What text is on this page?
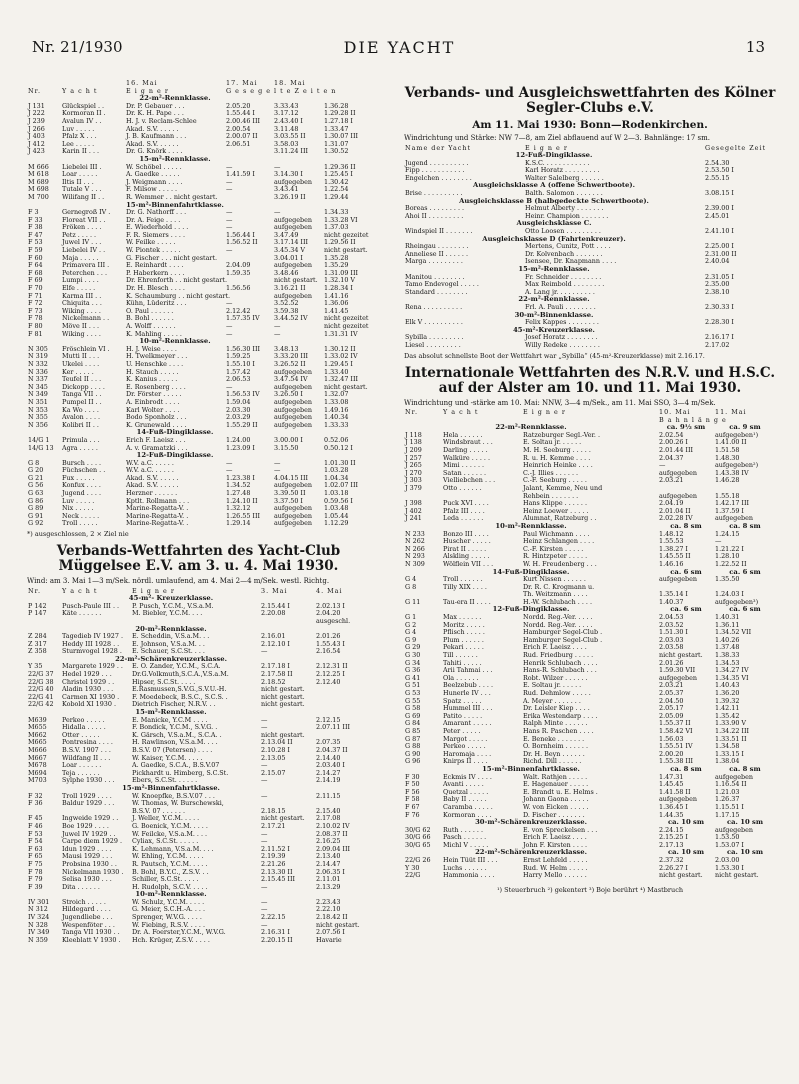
Nr. 21/1930	DIE YACHT	13
		16. Mai	17. Mai	18. Mai	
Nr.	Y a c h t	E i g n e r	G e s e g e l t e Z e i t e n		
22-m²-Rennklasse.					
J 131	Glückspiel . .	Dr. P. Gebauer . . .	2.05.20	3.33.43	1.36.28
J 222	Kormoran II .	Dr. K. H. Pape . . .	1.55.44 I	3.17.12	1.29.28 II
J 239	Avalun IV . .	H. J. v. Reclam-Schlee	2.00.46 III	2.43.40 I	1.27.18 I
J 266	Luv . . . . .	Akad. S.V. . . . . .	2.00.54	3.11.48	1.33.47
J 403	Pfalz X . . .	J. B. Kaufmann . . .	2.00.07 II	3.03.55 II	1.30.07 III
J 412	Lee . . . . .	Akad. S.V. . . . . .	2.06.51	3.58.03	1.31.07
J 423	Karin II . . .	Dr. G. Knörk . . . .		3.11.24 III	1.30.52
15-m²-Rennklasse.					
M 666	Liebelei III .	W. Schöbel . . . . .	—	—	1.29.36 II
M 618	Loar . . . . .	A. Gaedke . . . . .	1.41.59 I	3.14.30 I	1.25.45 I
M 689	Iltis II . . .	J. Weigmann . . . .	—	aufgegeben	1.30.42
M 698	Tutale V . . .	F. Milsow . . . . .	—	3.43.41	1.22.54
M 700	Wilifang II . .	R. Wemmer . . nicht gestart.		3.26.19 II	1.29.44
15-m²-Binnenfahrtklasse.					
F 3	Gernegroß IV .	Dr. G. Nathorff . . .	—	—	1.34.33
F 33	Floreat VII . .	Dr. A. Feige . . . .	—	aufgegeben	1.33.28 VI
F 38	Fröken . . . .	E. Wiederhold . . . .	—	aufgegeben	1.37.03
F 47	Petz . . . . .	F. R. Siemers . . . .	1.56.44 I	3.47.49	nicht gezeitet
F 53	Juwel IV . . .	W. Feilke . . . . .	1.56.52 II	3.17.14 III	1.29.56 II
F 59	Liebelei IV . .	W. Piontek . . . . .	—	3.45.34 V	nicht gestart.
F 60	Maja . . . . .	G. Fischer . . . nicht gestart.		3.04.01 I	1.35.28
F 64	Primavera III .	E. Reinhardt . . . .	2.04.09	aufgegeben	1.35.29
F 68	Peterchen . . .	P. Haberkern . . . .	1.59.35	3.48.46	1.31.09 III
F 69	Lumpi . . . .	Dr. Ehrenforth . . nicht gestart.		nicht gestart.	1.32.10 V
F 70	Elfe . . . . .	Dr. H. Blesch . . . .	1.56.56	3.16.21 II	1.28.34 I
F 71	Karma III . .	K. Schaumburg . . nicht gestart.		aufgegeben	1.41.16
F 72	Chiquita . . .	Kühn, Lüderitz . . .	—	3.52.52	1.36.06
F 73	Wiking . . . .	O. Paul . . . . . .	2.12.42	3.59.38	1.41.45
F 78	Nickelmann . .	B. Bohl . . . . . .	1.57.35 IV	3.44.52 IV	nicht gezeitet
F 80	Möve II . . .	A. Wolff . . . . . .	—	—	nicht gezeitet
F 81	Wiking . . . .	K. Mahling . . . . .	—	—	1.31.31 IV
10-m²-Rennklasse.					
N 305	Fröschlein VI .	H. J. Weise . . . .	1.56.30 III	3.48.13	1.30.12 II
N 319	Mutti II . . .	H. Twelkmeyer . . .	1.59.25	3.33.20 III	1.33.02 IV
N 332	Ukelei . . . .	U. Henschke . . . .	1.55.10 I	3.26.52 II	1.29.45 I
N 336	Ker . . . . .	H. Stauch . . . . .	1.57.42	aufgegeben	1.33.40
N 337	Teufel II . . .	K. Kanius . . . . .	2.06.53	3.47.54 IV	1.32.47 III
N 345	Dickopp . . . .	E. Rosenberg . . . .	—	aufgegeben	nicht gestart.
N 349	Tanga VII . .	Dr. Förster . . . . .	1.56.53 IV	3.26.50 I	1.32.07
N 351	Pumpel II . .	A. Einbrodt . . . .	1.59.04	aufgegeben	1.33.08
N 353	Ka Wo . . . .	Karl Wolter . . . .	2.03.30	aufgegeben	1.49.16
N 355	Avalon . . . .	Bodo Sponholz . . .	2.03.29	aufgegeben	1.40.34
N 356	Kolibri II . .	K. Grunewald . . . .	1.55.29 II	aufgegeben	1.33.33
14-Fuß-Dingiklasse.					
14/G 1	Primula . . .	Erich F. Laeisz . . .	1.24.00	3.00.00 I	0.52.06
14/G 13	Agra . . . . .	A. v. Gramatzki . . .	1.23.09 I	3.15.50	0.50.12 I
12-Fuß-Dingiklasse.					
G 8	Bursch . . . .	W.V. a.C. . . . . .	—	—	1.01.30 II
G 20	Füchschen . .	W.V. a.C. . . . . .	—	—	1.03.28
G 21	Fux . . . . .	Akad. S.V. . . . . .	1.23.38 I	4.04.15 III	1.04.34
G 56	Konfux . . . .	Akad. S.V. . . . . .	1.34.52	aufgegeben	1.02.07 III
G 63	Jugend . . . .	Herzner . . . . . .	1.27.48	3.39.50 II	1.03.18
G 86	Luv . . . . .	Kptlt. Rollmann . . .	1.24.10 II	3.37.50 I	0.59.56 I
G 89	Nix . . . . .	Marine-Regatta-V. .	1.32.12	aufgegeben	1.03.48
G 91	Neck . . . . .	Marine-Regatta-V. .	1.26.55 III	aufgegeben	1.05.44
G 92	Troll . . . . .	Marine-Regatta-V. .	1.29.14	aufgegeben	1.12.29
*) ausgeschlossen, 2 × Ziel nie
Verbands-Wettfahrten des Yacht-Club Müggelsee E.V. am 3. u. 4. Mai 1930.
Wind: am 3. Mai 1—3 m/Sek. nördl. umlaufend, am 4. Mai 2—4 m/Sek. westl. Richtg.
Nr.	Y a c h t	E i g n e r	3. Mai	4. Mai
45-m²- Kreuzerklasse.				
P 142	Pusch-Paule III . .	P. Pusch, Y.C.M., V.S.a.M.	2.15.44 I	2.02.13 I
P 147	Käte . . . . . .	M. Biebler, Y.C.M. . . .	2.20.08	2.04.20
				ausgeschl.
20-m²-Rennklasse.				
Z 284	Tagedieb IV 1927 .	E. Scheddin, V.S.a.M. . .	2.16.01	2.01.26
Z 317	Heddy III 1928 . .	E. Johnson, V.S.a.M. . .	2.12.10 I	1.55.43 I
Z 358	Sturmvogel 1928 .	E. Schauer, S.C.St. . . .	—	2.16.54
22-m²-Schärenkreuzerklasse.				
Y 35	Margarete 1929 . .	E. O. Zander, Y.C.M., S.C.A.	2.17.18 I	2.12.31 II
22/G 37	Hedel 1929 . . .	Dr.G.Volkmuth,S.C.A.,V.S.a.M.	2.17.58 II	2.12.25 I
22/G 38	Christel 1929 . .	Hipser, S.C.St. . . . .	2.18.52	2.12.40
22/G 40	Aladin 1930 . . .	E.Rasmussen,S.V.G.,S.V.U.-H.	nicht gestart.	
22/G 41	Carmen XI 1930 .	F. Moedebeck, B.S.C., S.C.S. .	nicht gestart.	
22/G 42	Kobold XI 1930 .	Dietrich Fischer, N.R.V. . .	nicht gestart.	
15-m²-Rennklasse.				
M639	Perkeo . . . . .	E. Manicke, Y.C.M . . . .	—	2.12.15
M655	Hidalla . . . . .	F. Bondick, Y.C.M., S.V.G. .	—	2.07.11 III
M662	Otter . . . . .	K. Gärsch, V.S.a.M., S.C.A. .	nicht gestart.	
M665	Pontresina . . . .	H. Rawlinson, V.S.a.M. . . .	2.13.04 II	2.07.35
M666	B.S.V. 1907 . . .	B.S.V. 07 (Petersen) . . . .	2.10.28 I	2.04.37 II
M667	Wildfang II . . .	W. Kaiser, Y.C.M. . . . .	2.13.05	2.14.40
M678	Loar . . . . . .	A. Gaedke, S.C.A., B.S.V.07	—	2.03.40 I
M694	Teja . . . . . .	Pickhardt u. Himberg, S.C.St.	2.15.07	2.14.27
M703	Sylphe 1930 . . .	Ebers, S.C.St. . . . . .	—	2.14.19
15-m²-Binnenfahrtklasse.				
F 32	Troll 1929 . . . .	W. Knoepfke, B.S.V.07 . . .	—	2.11.15
F 36	Baldur 1929 . . .	W. Thomas, W. Burschewski,		
		B.S.V. 07 . . . . . .	2.18.15	2.15.40
F 45	Ingweide 1929 . .	J. Weller, Y.C.M. . . . .	nicht gestart.	2.17.08
F 46	Boe 1929 . . . .	G. Boenick, Y.C.M. . . . .	2.17.21	2.10.02 IV
F 53	Juwel IV 1929 . .	W. Feilcke, V.S.a.M. . . .	—	2.08.37 II
F 54	Carpe diem 1929 .	Cyliax, S.C.St. . . . . .	—	2.16.25
F 63	Idun 1929 . . . .	K. Lehmann, V.S.a.M. . . .	2.11.52 I	2.09.04 III
F 65	Mausi 1929 . . .	W. Ehling, Y.C.M. . . . .	2.19.39	2.13.40
F 75	Probsina 1930 . .	R. Pautsch, Y.C.M. . . . .	2.21.26	2.14.47
F 78	Nickelmann 1930 .	B. Bohl, B.Y.C., Z.S.V. . .	2.13.30 II	2.06.35 I
F 79	Selisa 1930 . . .	Schiller, S.C.St. . . . .	2.15.45 III	2.11.01
F 39	Dita . . . . . .	H. Rudolph, S.C.V. . . . .	—	2.13.29
10-m²-Rennklasse.				
IV 301	Stroich . . . . .	W. Schulz, Y.C.M. . . . .	—	2.23.43
N 312	Hildegard . . . .	G. Meier, S.C.H.-A. . . .	—	2.22.10
IV 324	Jugendliebe . . .	Sprenger, W.V.G. . . . .	2.22.15	2.18.42 II
N 328	Wespenföter . . .	W. Fiebing, R.S.V. . . . .	—	nicht gestart.
IV 349	Tanga VII 1930 . .	Dr. A. Foerster,Y.C.M., W.V.G.	2.16.31 I	2.07.56 I
N 359	Kleeblatt V 1930 .	Hch. Krüger, Z.S.V. . . . .	2.20.15 II	Havarie
Verbands- und Ausgleichswettfahrten des Kölner Segler-Clubs e.V.
Am 11. Mai 1930: Bonn—Rodenkirchen.
Windrichtung und Stärke: NW 7—8, am Ziel abflauend auf W 2—3. Bahnlänge: 17 sm.
Name der Yacht	E i g n e r	Gesegelte Zeit
12-Fuß-Dingiklasse.		
Jugend . . . . . . . . . .	K.S.C. . . . . . . . . . . .	2.54.30
Fipp . . . . . . . . . . .	Karl Horatz . . . . . . . . .	2.53.50 I
Engelchen . . . . . . . .	Walter Salelberg . . . . . .	2.55.15
Ausgleichsklasse A (offene Schwertboote).		
Brise . . . . . . . . . .	Balth. Salomon . . . . . . .	3.08.15 I
Ausgleichsklasse B (halbgedeckte Schwertboote).		
Boreas . . . . . . . . .	Helmut Alberty . . . . . . .	2.39.00 I
Ahoi II . . . . . . . . .	Heinr. Champion . . . . . . .	2.45.01
Ausgleichsklasse C.		
Windspiel II . . . . . . .	Otto Loosen . . . . . . . . .	2.41.10 I
Ausgleichsklasse D (Fahrtenkreuzer).		
Rheingau . . . . . . . .	Mertens, Cunitz, Pott . . . .	2.25.00 I
Anneliese II . . . . . .	Dr. Kolvenbach . . . . . . .	2.31.00 II
Marga . . . . . . . . .	Isensee, Dr. Knapmann . . . .	2.40.04
15-m²-Rennklasse.		
Manitou . . . . . . . .	Fr. Schneider . . . . . . . .	2.31.05 I
Tamo Endevogel . . . . .	Max Reimbold . . . . . . . .	2.35.00
Standard . . . . . . . .	A. Lang jr. . . . . . . . . .	2.38.10
22-m²-Rennklasse.		
Rena . . . . . . . . . .	Frl. A. Pauli . . . . . . . .	2.30.33 I
30-m²-Binnenklasse.		
Elk V . . . . . . . . . .	Felix Kappes . . . . . . . .	2.28.30 I
45-m²-Kreuzerklasse.		
Sybilla . . . . . . . . .	Josef Horatz . . . . . . . .	2.16.17 I
Liesel . . . . . . . . .	Willy Redeke . . . . . . . .	2.17.02
Das absolut schnellste Boot der Wettfahrt war „Sybilla“ (45-m²-Kreuzerklasse) mit 2.16.17.
Internationale Wettfahrten des N.R.V. und H.S.C. auf der Alster am 10. und 11. Mai 1930.
Windrichtung und -stärke am 10. Mai: NNW, 3—4 m/Sek., am 11. Mai SSO, 3—4 m/Sek.
Nr.	Y a c h t	E i g n e r	10. Mai	11. Mai
			B a h n l ä n g e	
22-m²-Rennklasse.			ca. 9½ sm	ca. 9 sm
J 118	Hela . . . . . .	Ratzeburger Segl.-Ver. .	2.02.54	aufgegeben¹)
J 138	Windsbraut . . .	E. Soltau jr. . . . . .	2.00.26 I	1.41.00 II
J 209	Darling . . . . .	M. H. Seeburg . . . . .	2.01.44 III	1.51.58
J 257	Walküre . . . . .	R. u. H. Kemme . . . .	2.04.37	1.48.30
J 265	Mimi . . . . . .	Heinrich Heinke . . . .	—	aufgegeben²)
J 270	Satan . . . . . .	C.-J. Illies . . . . . .	aufgegeben	1.43.38 IV
J 303	Vielliebchen . . .	C.-F. Seeburg . . . . .	2.03.21	1.46.28
J 379	Otto . . . . . .	Jalant, Kemme, Neu und		
		Rehbein . . . . . . .	aufgegeben	1.55.18
J 398	Puck XVI . . . .	Hans Klippe . . . . . .	2.04.19	1.42.17 III
J 402	Pfalz III . . . .	Heinz Loewer . . . . .	2.01.04 II	1.37.59 I
J 241	Leda . . . . . .	Alumnat, Ratzeburg . .	2.02.28 IV	aufgegeben
10-m²-Rennklasse.			ca. 8 sm	ca. 8 sm
N 233	Bonzo III . . . .	Paul Wichmann . . . .	1.48.12	1.24.15
N 262	Huscher . . . . .	Heinz Schlangen . . . .	1.55.53	—
N 266	Pirat II . . . . .	C.-F. Kirsten . . . . .	1.38.27 I	1.21.22 I
N 293	Alskling . . . . .	R. Hintzpeter . . . . .	1.45.55 II	1.28.10
N 309	Wölflein VII . . .	W. H. Freudenberg . . .	1.46.16	1.22.52 II
14-Fuß-Dingiklasse.			ca. 6 sm	ca. 6 sm
G 4	Troll . . . . . .	Kurt Nissen . . . . . .	aufgegeben	1.35.50
G 8	Tilly XIX . . . .	Dr. R. C. Krogmann u.		
		Th. Weitzmann . . . .	1.35.14 I	1.24.03 I
G 11	Tau-era II . . . .	H.-W. Schlubach . . . .	1.40.37	aufgegeben³)
12-Fuß-Dingiklasse.			ca. 6 sm	ca. 6 sm
G 1	Max . . . . . .	Nordd. Reg.-Ver. . . . .	2.04.53	1.40.31
G 2	Moritz . . . . .	Nordd. Reg.-Ver. . . . .	2.03.52	1.36.11
G 4	Pflisch . . . . .	Hamburger Segel-Club .	1.51.30 I	1.34.52 VII
G 9	Plum . . . . . .	Hamburger Segel-Club .	2.03.03	1.40.26
G 29	Pekari . . . . .	Erich F. Laeisz . . . .	2.03.58	1.37.48
G 30	Till . . . . . .	Rud. Friedburg . . . . .	nicht gestart.	1.38.33
G 34	Tahiti . . . . .	Henrik Schlubach . . . .	2.01.26	1.34.53
G 36	Arii Tahmai . . .	Hans-R. Schlubach . . .	1.59.30 VII	1.34.27 IV
G 41	Ola . . . . . .	Robt. Wilzer . . . . . .	aufgegeben	1.34.35 VI
G 51	Beelzebub . . . .	E. Soltau jr. . . . . .	2.03.21	1.40.43
G 53	Hunerle IV . . .	Rud. Dehmlow . . . . .	2.05.37	1.36.20
G 55	Spatz . . . . .	A. Meyer . . . . . . .	2.04.50	1.39.32
G 58	Hummel III . . .	Dr. Leisler Kiep . . . .	2.05.17	1.42.11
G 69	Patito . . . . .	Erika Westendarp . . . .	2.05.09	1.35.42
G 84	Amarant . . . . .	Ralph Minte . . . . . .	1.55.37 II	1.33.90 V
G 85	Peter . . . . .	Hans R. Paschen . . . .	1.58.42 VI	1.34.22 III
G 87	Margot . . . . .	E. Beneke . . . . . . .	1.56.03	1.33.51 II
G 88	Perkeo . . . . .	O. Bornheim . . . . . .	1.55.51 IV	1.34.58
G 90	Haromaja . . . .	Dr. H. Beyn . . . . . .	2.00.20	1.33.15 I
G 96	Knirps II . . . .	Richd. Dill . . . . . .	1.55.38 III	1.38.04
15-m²-Binnenfahrtklasse.			ca. 8 sm	ca. 8 sm
F 30	Eckmis IV . . . .	Walt. Rathjen . . . . .	1.47.31	aufgegeben
F 50	Avanti . . . . .	E. Hagenauer . . . . .	1.45.45	1.16.54 II
F 56	Quetzal . . . . .	E. Brandt u. E. Helms .	1.41.58 II	1.21.03
F 58	Baby II . . . . .	Johann Gaona . . . . .	aufgegeben	1.26.37
F 67	Caramba . . . . .	W. von Eicken . . . . .	1.36.45 I	1.15.51 I
F 76	Kormoran . . . .	D. Fischer . . . . . . .	1.44.35	1.17.15
30-m²-Schärenkreuzerklasse.			ca. 10 sm	ca. 10 sm
30/G 62	Ruth . . . . . .	E. von Spreckelsen . . .	2.24.15	aufgegeben
30/G 66	Pasch . . . . . .	Erich F. Laeisz . . . .	2.15.25 I	1.53.50
30/G 65	Michl V . . . . .	John F. Kirsten . . . .	2.17.13	1.53.07 I
22-m²-Schärenkreuzerklasse.			ca. 10 sm	ca. 10 sm
22/G 26	Hein Tüüt III . . .	Ernst Lehfeld . . . . .	2.37.32	2.03.00
Y 30	Luchs . . . . . .	Rud. W. Helm . . . . .	2.26.27 I	1.53.30 I
22/G	Hammonia . . . .	Harry Mello . . . . . .	nicht gestart.	nicht gestart.
¹) Steuerbruch ²) gekentert ³) Boje berührt ⁴) Mastbruch
